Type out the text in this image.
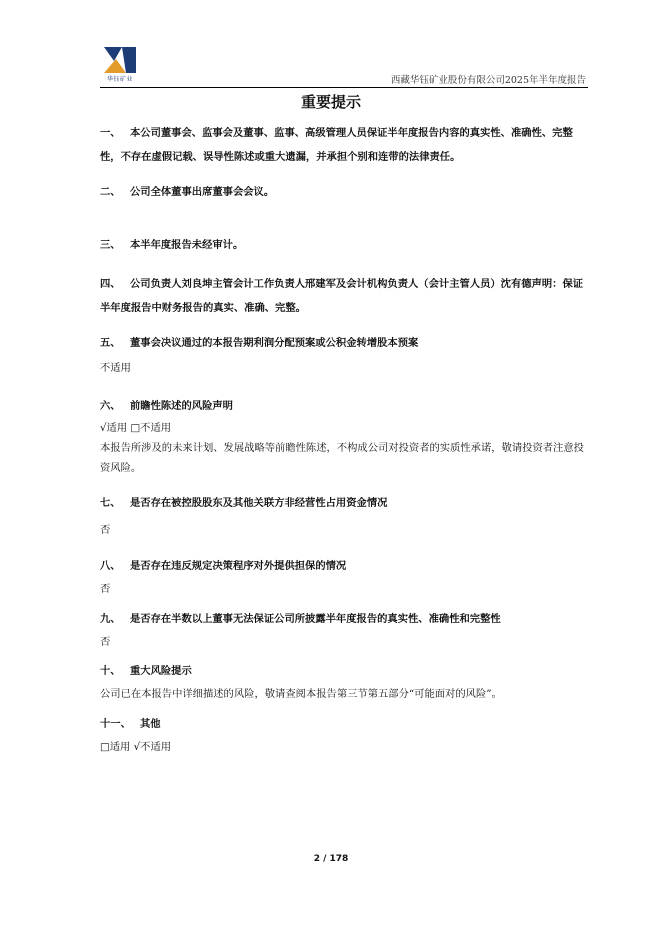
华钰矿业	西藏华钰矿业股份有限公司2025年半年度报告
重要提示
一、 本公司董事会、监事会及董事、监事、高级管理人员保证半年度报告内容的真实性、准确性、完整性，不存在虚假记载、误导性陈述或重大遗漏，并承担个别和连带的法律责任。
二、 公司全体董事出席董事会会议。
三、 本半年度报告未经审计。
四、 公司负责人刘良坤主管会计工作负责人邢建军及会计机构负责人（会计主管人员）沈有德声明：保证半年度报告中财务报告的真实、准确、完整。
五、 董事会决议通过的本报告期利润分配预案或公积金转增股本预案
不适用
六、 前瞻性陈述的风险声明
√适用 □不适用
本报告所涉及的未来计划、发展战略等前瞻性陈述，不构成公司对投资者的实质性承诺，敬请投资者注意投资风险。
七、 是否存在被控股股东及其他关联方非经营性占用资金情况
否
八、 是否存在违反规定决策程序对外提供担保的情况
否
九、 是否存在半数以上董事无法保证公司所披露半年度报告的真实性、准确性和完整性
否
十、 重大风险提示
公司已在本报告中详细描述的风险，敬请查阅本报告第三节第五部分“可能面对的风险”。
十一、 其他
□适用 √不适用
2 / 178
